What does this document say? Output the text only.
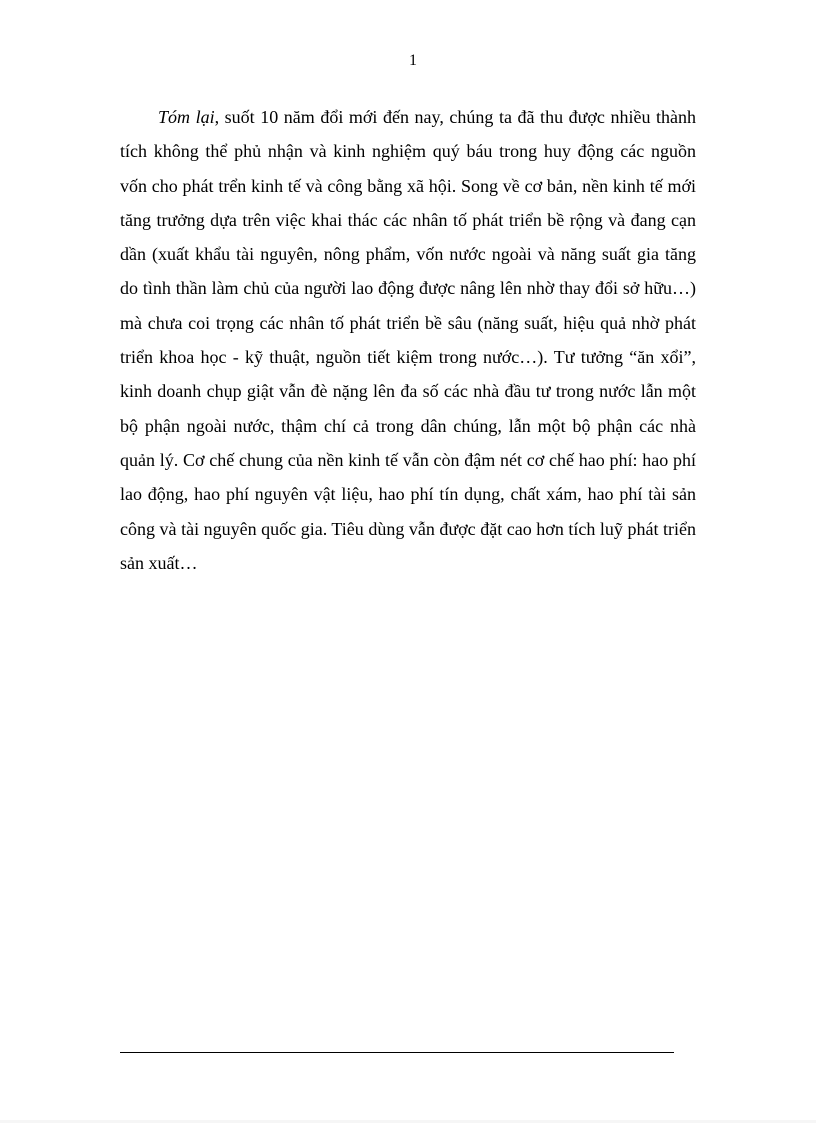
1

Tóm lại, suốt 10 năm đổi mới đến nay, chúng ta đã thu được nhiều thành tích không thể phủ nhận và kinh nghiệm quý báu trong huy động các nguồn vốn cho phát trển kinh tế và công bằng xã hội. Song về cơ bản, nền kinh tế mới tăng trưởng dựa trên việc khai thác các nhân tố phát triển bề rộng và đang cạn dần (xuất khẩu tài nguyên, nông phẩm, vốn nước ngoài và năng suất gia tăng do tình thần làm chủ của người lao động được nâng lên nhờ thay đổi sở hữu…) mà chưa coi trọng các nhân tố phát triển bề sâu (năng suất, hiệu quả nhờ phát triển khoa học - kỹ thuật, nguồn tiết kiệm trong nước…). Tư tưởng “ăn xổi”, kinh doanh chụp giật vẫn đè nặng lên đa số các nhà đầu tư trong nước lẫn một bộ phận ngoài nước, thậm chí cả trong dân chúng, lẫn một bộ phận các nhà quản lý. Cơ chế chung của nền kinh tế vẫn còn đậm nét cơ chế hao phí: hao phí lao động, hao phí nguyên vật liệu, hao phí tín dụng, chất xám, hao phí tài sản công và tài nguyên quốc gia. Tiêu dùng vẫn được đặt cao hơn tích luỹ phát triển sản xuất…
